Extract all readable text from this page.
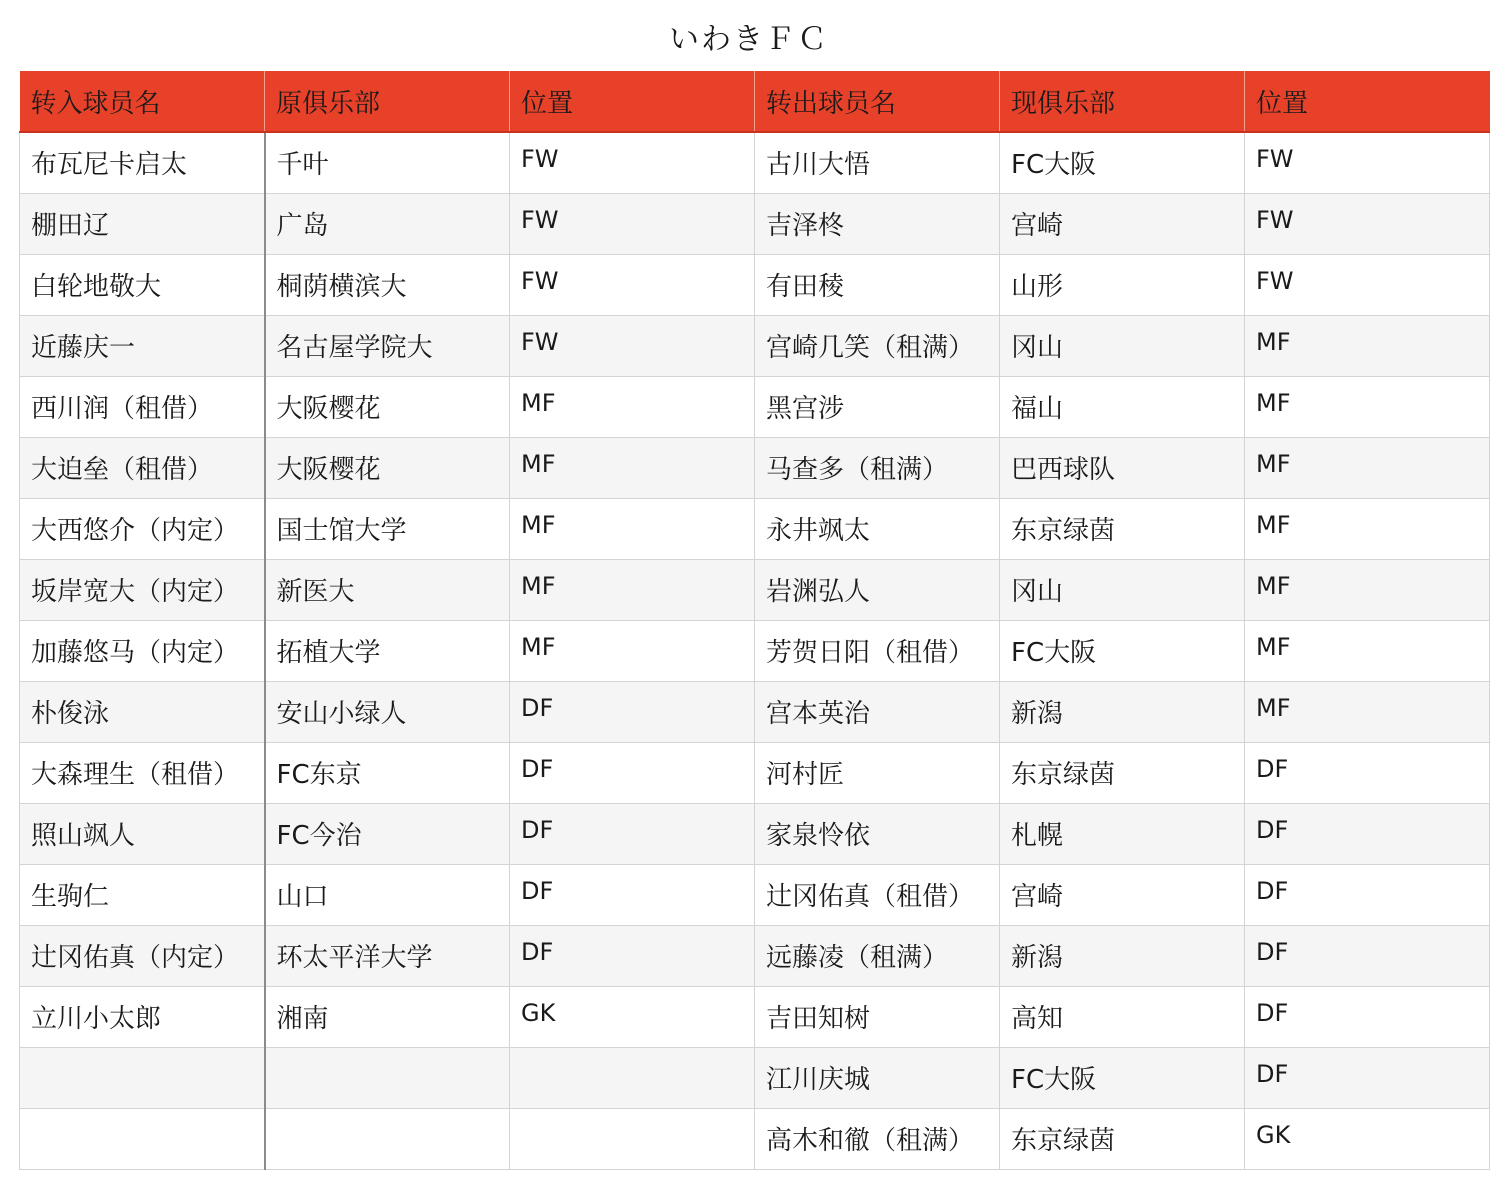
いわきＦＣ
转入球员名	原俱乐部	位置	转出球员名	现俱乐部	位置
布瓦尼卡启太	千叶	FW	古川大悟	FC大阪	FW
棚田辽	广岛	FW	吉泽柊	宫崎	FW
白轮地敬大	桐荫横滨大	FW	有田稜	山形	FW
近藤庆一	名古屋学院大	FW	宫崎几笑（租满）	冈山	MF
西川润（租借）	大阪樱花	MF	黑宫涉	福山	MF
大迫垒（租借）	大阪樱花	MF	马查多（租满）	巴西球队	MF
大西悠介（内定）	国士馆大学	MF	永井飒太	东京绿茵	MF
坂岸宽大（内定）	新医大	MF	岩渊弘人	冈山	MF
加藤悠马（内定）	拓植大学	MF	芳贺日阳（租借）	FC大阪	MF
朴俊泳	安山小绿人	DF	宫本英治	新潟	MF
大森理生（租借）	FC东京	DF	河村匠	东京绿茵	DF
照山飒人	FC今治	DF	家泉怜依	札幌	DF
生驹仁	山口	DF	辻冈佑真（租借）	宫崎	DF
辻冈佑真（内定）	环太平洋大学	DF	远藤凌（租满）	新潟	DF
立川小太郎	湘南	GK	吉田知树	高知	DF
			江川庆城	FC大阪	DF
			高木和徹（租满）	东京绿茵	GK
